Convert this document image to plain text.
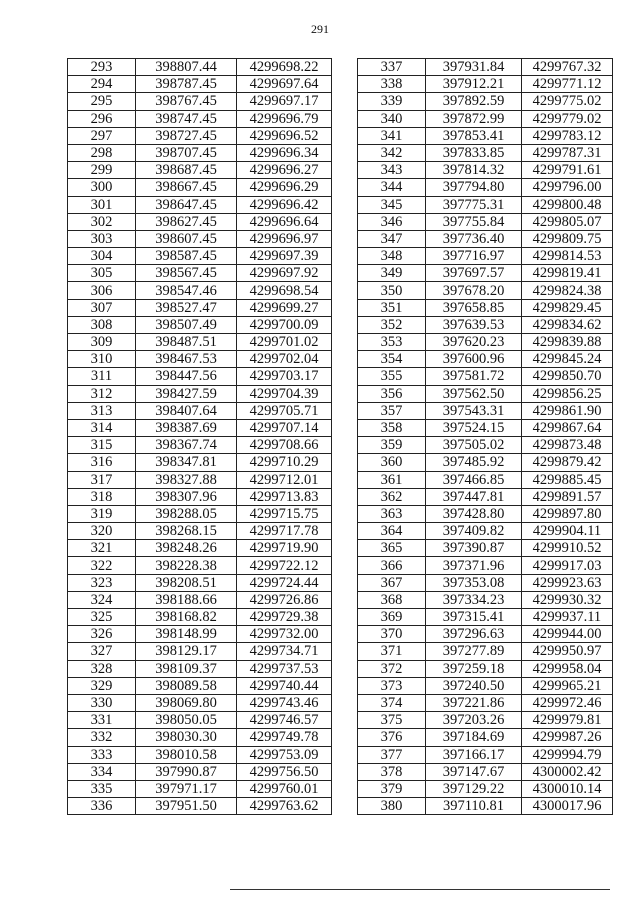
291
293	398807.44	4299698.22
294	398787.45	4299697.64
295	398767.45	4299697.17
296	398747.45	4299696.79
297	398727.45	4299696.52
298	398707.45	4299696.34
299	398687.45	4299696.27
300	398667.45	4299696.29
301	398647.45	4299696.42
302	398627.45	4299696.64
303	398607.45	4299696.97
304	398587.45	4299697.39
305	398567.45	4299697.92
306	398547.46	4299698.54
307	398527.47	4299699.27
308	398507.49	4299700.09
309	398487.51	4299701.02
310	398467.53	4299702.04
311	398447.56	4299703.17
312	398427.59	4299704.39
313	398407.64	4299705.71
314	398387.69	4299707.14
315	398367.74	4299708.66
316	398347.81	4299710.29
317	398327.88	4299712.01
318	398307.96	4299713.83
319	398288.05	4299715.75
320	398268.15	4299717.78
321	398248.26	4299719.90
322	398228.38	4299722.12
323	398208.51	4299724.44
324	398188.66	4299726.86
325	398168.82	4299729.38
326	398148.99	4299732.00
327	398129.17	4299734.71
328	398109.37	4299737.53
329	398089.58	4299740.44
330	398069.80	4299743.46
331	398050.05	4299746.57
332	398030.30	4299749.78
333	398010.58	4299753.09
334	397990.87	4299756.50
335	397971.17	4299760.01
336	397951.50	4299763.62
337	397931.84	4299767.32
338	397912.21	4299771.12
339	397892.59	4299775.02
340	397872.99	4299779.02
341	397853.41	4299783.12
342	397833.85	4299787.31
343	397814.32	4299791.61
344	397794.80	4299796.00
345	397775.31	4299800.48
346	397755.84	4299805.07
347	397736.40	4299809.75
348	397716.97	4299814.53
349	397697.57	4299819.41
350	397678.20	4299824.38
351	397658.85	4299829.45
352	397639.53	4299834.62
353	397620.23	4299839.88
354	397600.96	4299845.24
355	397581.72	4299850.70
356	397562.50	4299856.25
357	397543.31	4299861.90
358	397524.15	4299867.64
359	397505.02	4299873.48
360	397485.92	4299879.42
361	397466.85	4299885.45
362	397447.81	4299891.57
363	397428.80	4299897.80
364	397409.82	4299904.11
365	397390.87	4299910.52
366	397371.96	4299917.03
367	397353.08	4299923.63
368	397334.23	4299930.32
369	397315.41	4299937.11
370	397296.63	4299944.00
371	397277.89	4299950.97
372	397259.18	4299958.04
373	397240.50	4299965.21
374	397221.86	4299972.46
375	397203.26	4299979.81
376	397184.69	4299987.26
377	397166.17	4299994.79
378	397147.67	4300002.42
379	397129.22	4300010.14
380	397110.81	4300017.96
